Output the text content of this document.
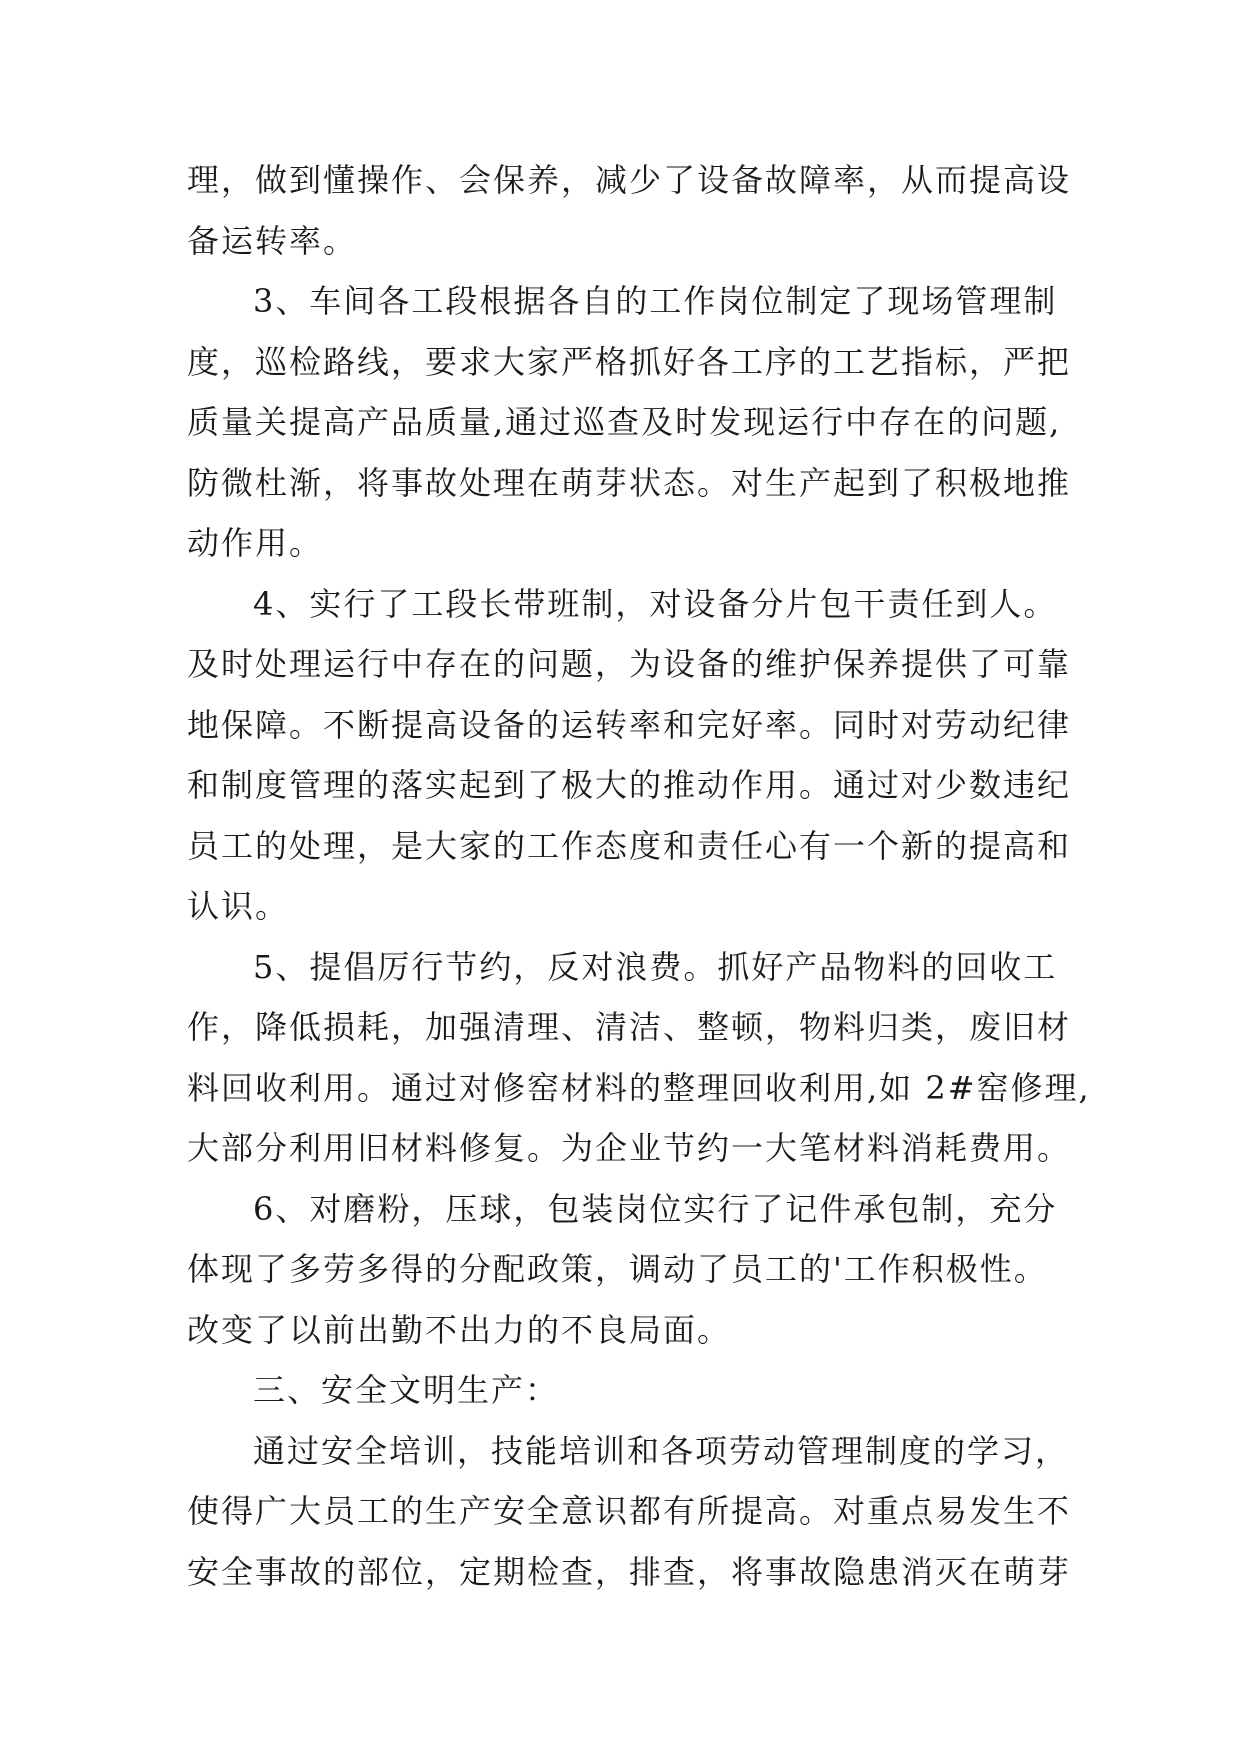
理，做到懂操作、会保养，减少了设备故障率，从而提高设
备运转率。
3、车间各工段根据各自的工作岗位制定了现场管理制
度，巡检路线，要求大家严格抓好各工序的工艺指标，严把
质量关提高产品质量,通过巡查及时发现运行中存在的问题,
防微杜渐，将事故处理在萌芽状态。对生产起到了积极地推
动作用。
4、实行了工段长带班制，对设备分片包干责任到人。
及时处理运行中存在的问题，为设备的维护保养提供了可靠
地保障。不断提高设备的运转率和完好率。同时对劳动纪律
和制度管理的落实起到了极大的推动作用。通过对少数违纪
员工的处理，是大家的工作态度和责任心有一个新的提高和
认识。
5、提倡厉行节约，反对浪费。抓好产品物料的回收工
作，降低损耗，加强清理、清洁、整顿，物料归类，废旧材
料回收利用。通过对修窑材料的整理回收利用,如 2#窑修理,
大部分利用旧材料修复。为企业节约一大笔材料消耗费用。
6、对磨粉，压球，包装岗位实行了记件承包制，充分
体现了多劳多得的分配政策，调动了员工的'工作积极性。
改变了以前出勤不出力的不良局面。
三、安全文明生产：
通过安全培训，技能培训和各项劳动管理制度的学习，
使得广大员工的生产安全意识都有所提高。对重点易发生不
安全事故的部位，定期检查，排查，将事故隐患消灭在萌芽
